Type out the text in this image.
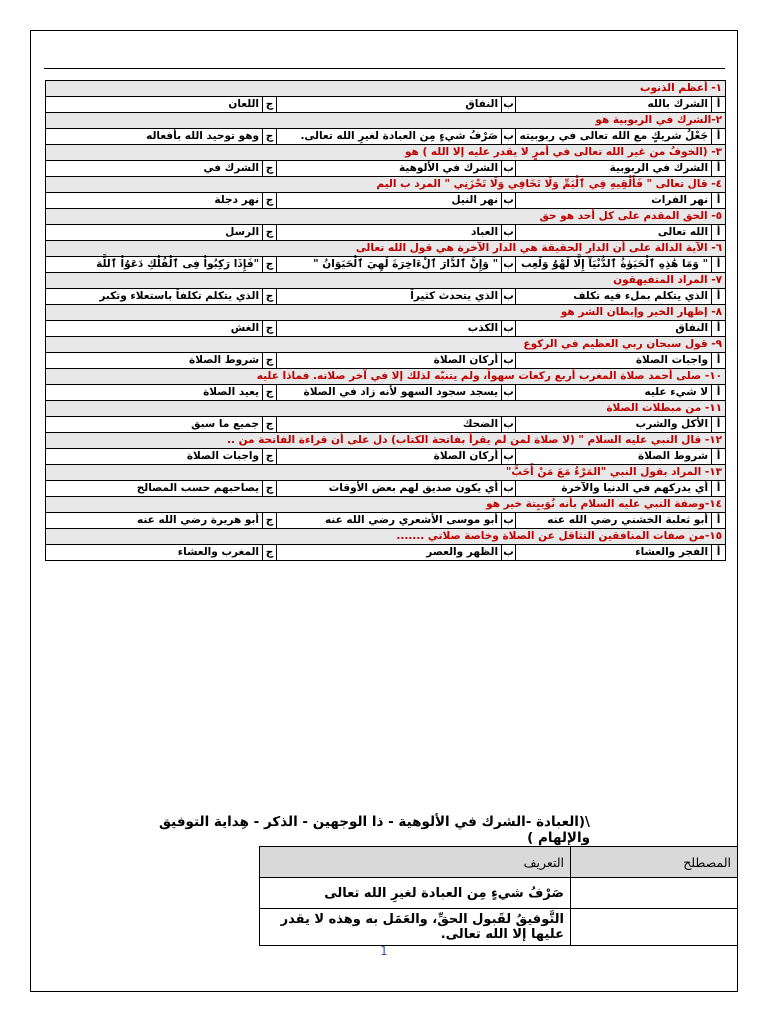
١- أعظم الذنوب					
أ	الشرك بالله	ب	النفاق	ج	اللعان
٢-الشرك في الربوبية هو					
أ	جَعْلُ شريكٍ مع الله تعالى في ربوبيته	ب	صَرْفُ شيءٍ مِن العبادة لغيرِ الله تعالى.	ج	وهو توحيد الله بأفعاله
٣- (الخوفُ من غير الله تعالى في أمرٍ لا يقدر عليه إلا الله ) هو					
أ	الشرك في الربوبية	ب	الشرك في الألوهية	ج	الشرك في
٤- قال تعالى " فَأَلْقِيهِ فِي ٱلْيَمِّ وَلَا تَخَافِي وَلَا تَحْزَنِي " المرد ب اليم					
أ	نهر الفرات	ب	نهر النيل	ج	نهر دجلة
٥- الحق المقدم على كل أحد هو حق					
أ	الله تعالى	ب	العباد	ج	الرسل
٦- الآية الدالة على أن الدار الحقيقة هي الدار الآخرة هي قول الله تعالى					
أ	" وَمَا هَٰذِهِ ٱلْحَيَوٰةُ ٱلدُّنْيَآ إِلَّا لَهْوٌ وَلَعِب	ب	" وَإِنَّ ٱلدَّارَ ٱلْءَاخِرَةَ لَهِيَ ٱلْحَيَوَانُ "	ج	"فَإِذَا رَكِبُواْ فِى ٱلْفُلْكِ دَعَوُاْ ٱللَّهَ
٧- المراد المتفيهقون					
أ	الذي يتكلم بملء فيه تكلف	ب	الذي يتحدث كثيراً	ج	الذي يتكلم تكلفاً باستعلاء وتكبر
٨- إظهار الخير وإبطان الشر هو					
أ	النفاق	ب	الكذب	ج	الغش
٩- قول سبحان ربي العظيم في الركوع					
أ	واجبات الصلاة	ب	أركان الصلاة	ج	شروط الصلاة
١٠- صلى أحمد صلاة المغرب أربع ركعات سهواً، ولم يتنبّه لذلك إلا في آخر صلاته. فماذا عليه					
أ	لا شيء عليه	ب	يسجد سجود السهو لأنه زاد في الصلاة	ج	يعيد الصلاة
١١- من مبطلات الصلاة					
أ	الأكل والشرب	ب	الضحك	ج	جميع ما سبق
١٢- قال النبي عليه السلام " (لا صلاة لمن لم يقرأ بفاتحة الكتاب) دل على أن قراءة الفاتحة من ..					
أ	شروط الصلاة	ب	أركان الصلاة	ج	واجبات الصلاة
١٣- المراد بقول النبي "المَرْءُ مَعَ مَنْ أَحَبَّ"					
أ	أي يدركهم في الدنيا والآخرة	ب	أي يكون صديق لهم بعض الأوقات	ج	يصاحبهم حسب المصالح
١٤-وصفة النبي عليه السلام بأنه نُوَيبِتة خير هو					
أ	أبو ثعلبة الخشني رضي الله عنه	ب	أبو موسى الأشعري رضي الله عنه	ج	أبو هريرة رضي الله عنه
١٥-من صفات المنافقين التثاقل عن الصلاة وخاصة صلاتي .......					
أ	الفجر والعشاء	ب	الظهر والعصر	ج	المغرب والعشاء
\(العبادة -الشرك في الألوهية - ذا الوجهين - الذكر - هِداية التوفيق والإلهام )
المصطلح	التعريف
	صَرْفُ شيءٍ مِن العبادة لغيرِ الله تعالى
	التَّوفيقُ لقَبول الحقِّ، والعَمَل به وهذه لا يقدر عليها إلا الله تعالى.
1
